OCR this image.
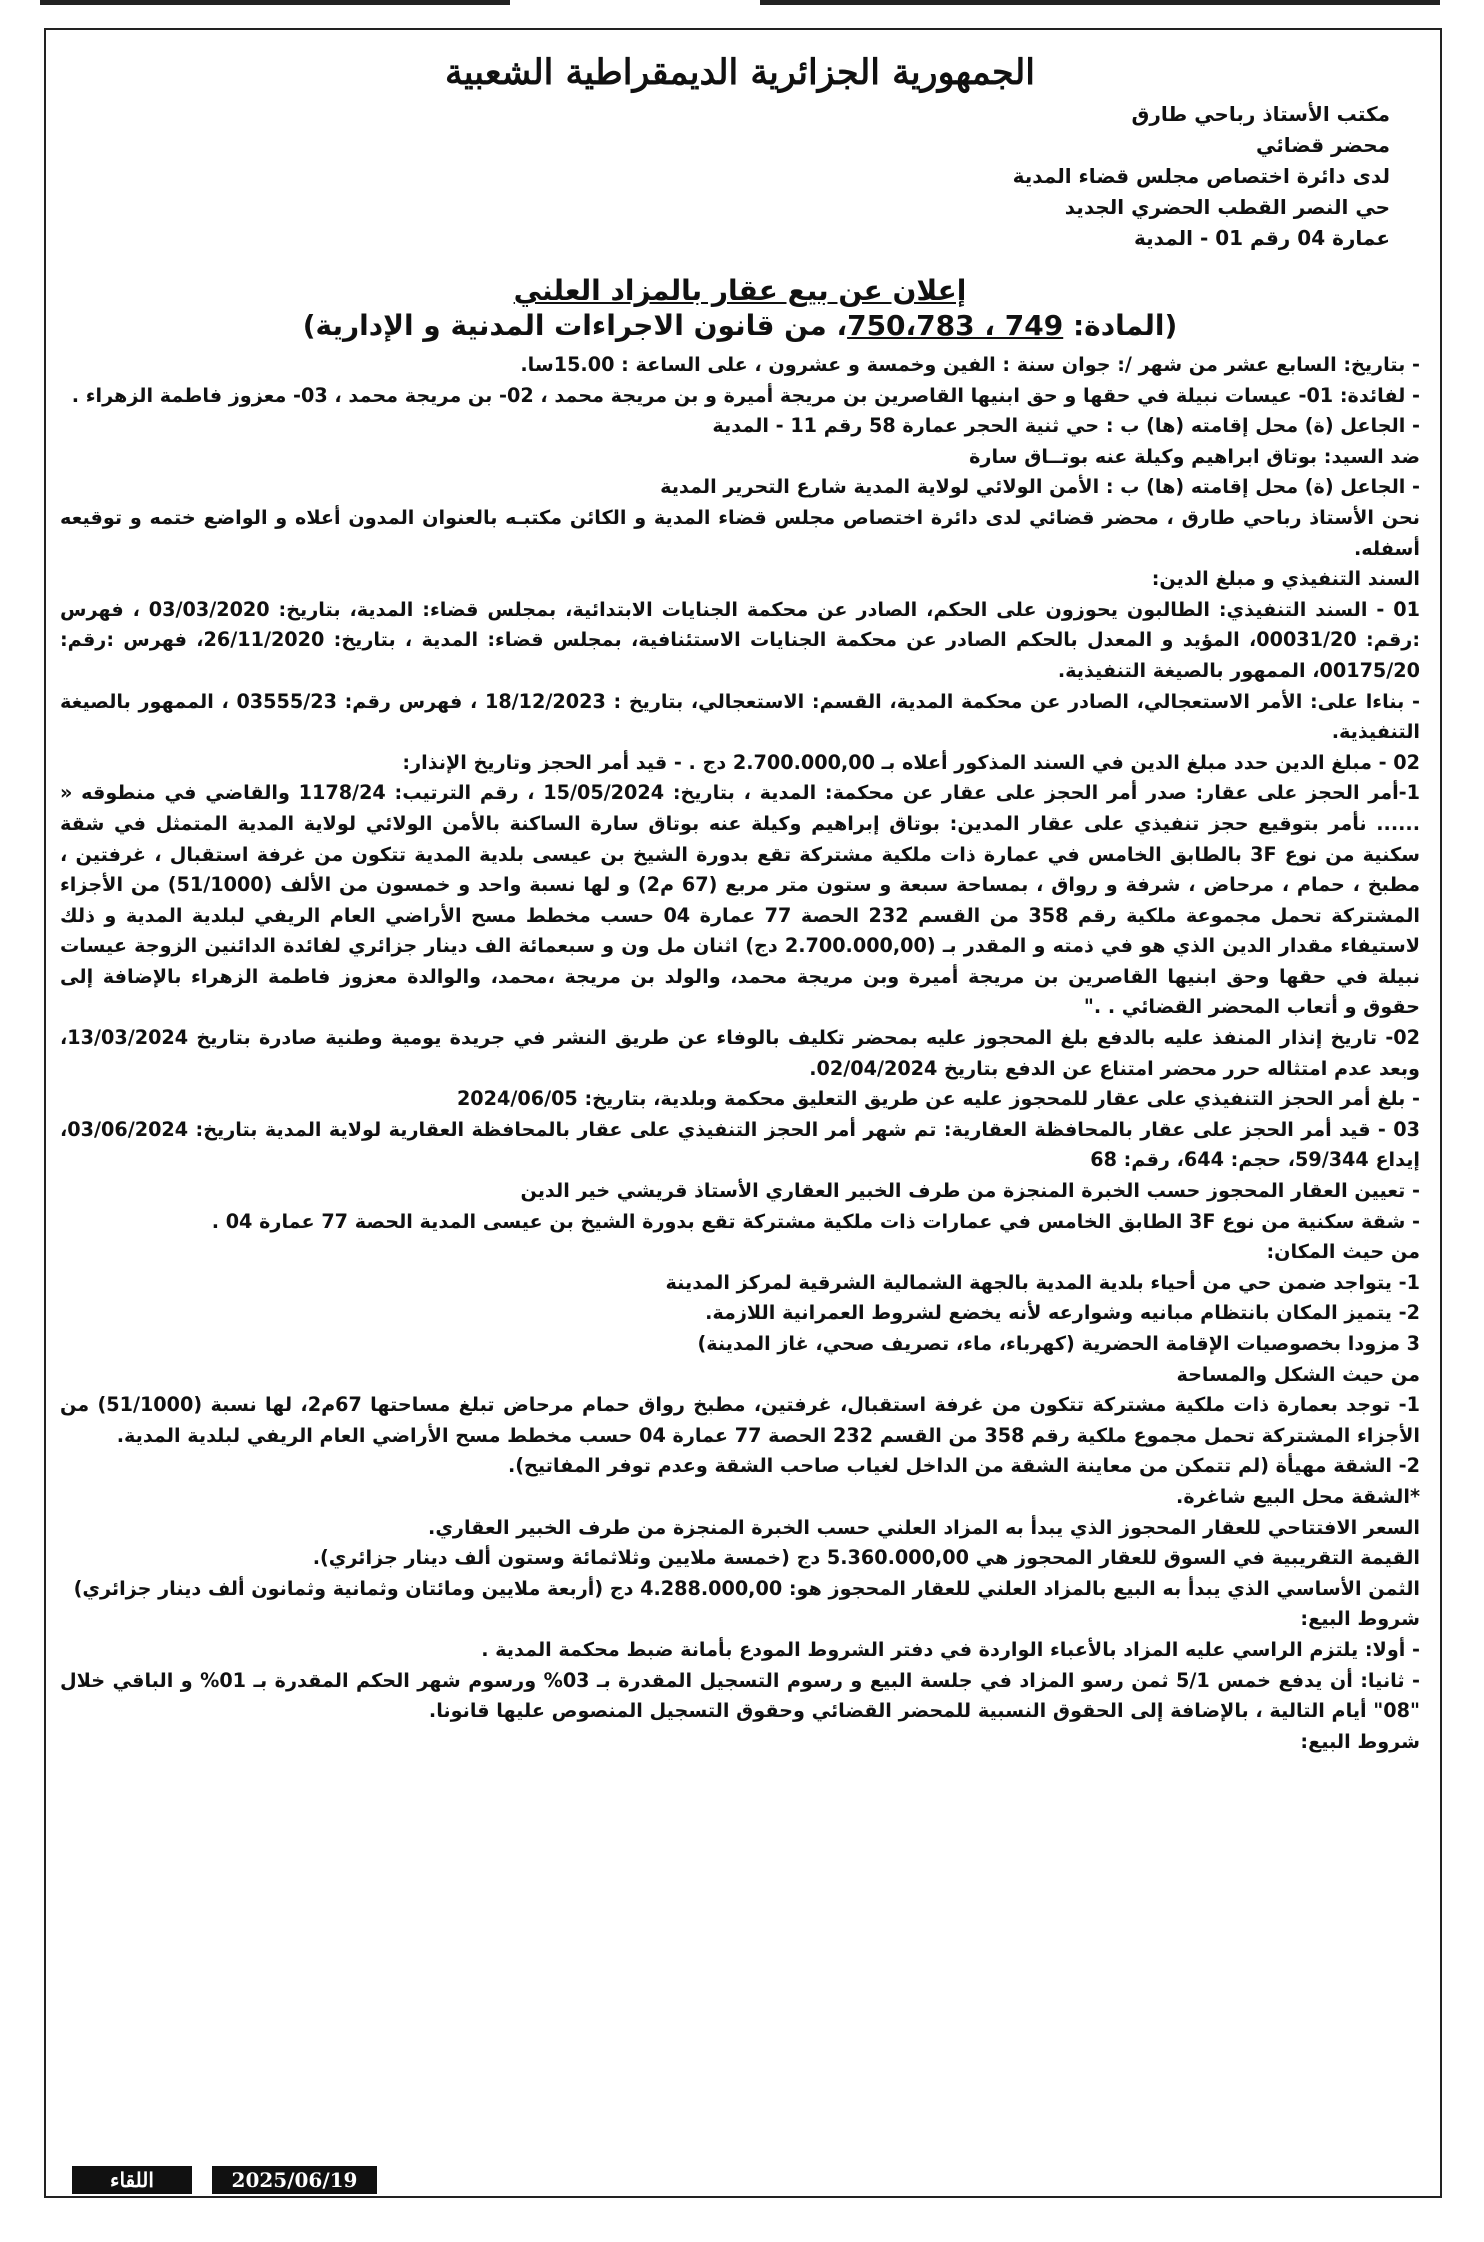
الجمهورية الجزائرية الديمقراطية الشعبية
مكتب الأستاذ رباحي طارق
محضر قضائي
لدى دائرة اختصاص مجلس قضاء المدية
حي النصر القطب الحضري الجديد
عمارة 04 رقم 01 - المدية
إعلان عن بيع عقار بالمزاد العلني
(المادة: 750،783 ، 749، من قانون الاجراءات المدنية و الإدارية)

- بتاريخ: السابع عشر من شهر /: جوان سنة : الفين وخمسة و عشرون ، على الساعة : 15.00سا.

- لفائدة: 01- عيسات نبيلة في حقها و حق ابنيها القاصرين بن مريجة أميرة و بن مريجة محمد ، 02- بن مريجة محمد ، 03- معزوز فاطمة الزهراء .

- الجاعل (ة) محل إقامته (ها) ب : حي ثنية الحجر عمارة 58 رقم 11 - المدية

ضد السيد: بوتاق ابراهيم وكيلة عنه بوتــاق سارة

- الجاعل (ة) محل إقامته (ها) ب : الأمن الولائي لولاية المدية شارع التحرير المدية

نحن الأستاذ رباحي طارق ، محضر قضائي لدى دائرة اختصاص مجلس قضاء المدية و الكائن مكتبـه بالعنوان المدون أعلاه و الواضع ختمه و توقيعه أسفله.

السند التنفيذي و مبلغ الدين:

01 - السند التنفيذي: الطالبون يحوزون على الحكم، الصادر عن محكمة الجنايات الابتدائية، بمجلس قضاء: المدية، بتاريخ: 03/03/2020 ، فهرس :رقم: 00031/20، المؤيد و المعدل بالحكم الصادر عن محكمة الجنايات الاستئنافية، بمجلس قضاء: المدية ، بتاريخ: 26/11/2020، فهرس :رقم: 00175/20، الممهور بالصيغة التنفيذية.

- بناءا على: الأمر الاستعجالي، الصادر عن محكمة المدية، القسم: الاستعجالي، بتاريخ : 18/12/2023 ، فهرس رقم: 03555/23 ، الممهور بالصيغة التنفيذية.

02 - مبلغ الدين حدد مبلغ الدين في السند المذكور أعلاه بـ 2.700.000,00 دج . - قيد أمر الحجز وتاريخ الإنذار:

1-أمر الحجز على عقار: صدر أمر الحجز على عقار عن محكمة: المدية ، بتاريخ: 15/05/2024 ، رقم الترتيب: 1178/24 والقاضي في منطوقه « ...... نأمر بتوقيع حجز تنفيذي على عقار المدين: بوتاق إبراهيم وكيلة عنه بوتاق سارة الساكنة بالأمن الولائي لولاية المدية المتمثل في شقة سكنية من نوع 3F بالطابق الخامس في عمارة ذات ملكية مشتركة تقع بدورة الشيخ بن عيسى بلدية المدية تتكون من غرفة استقبال ، غرفتين ، مطبخ ، حمام ، مرحاض ، شرفة و رواق ، بمساحة سبعة و ستون متر مربع (67 م2) و لها نسبة واحد و خمسون من الألف (51/1000) من الأجزاء المشتركة تحمل مجموعة ملكية رقم 358 من القسم 232 الحصة 77 عمارة 04 حسب مخطط مسح الأراضي العام الريفي لبلدية المدية و ذلك لاستيفاء مقدار الدين الذي هو في ذمته و المقدر بـ (2.700.000,00 دج) اثنان مل ون و سبعمائة الف دينار جزائري لفائدة الدائنين الزوجة عيسات نبيلة في حقها وحق ابنيها القاصرين بن مريجة أميرة وبن مريجة محمد، والولد بن مريجة ،محمد، والوالدة معزوز فاطمة الزهراء بالإضافة إلى حقوق و أتعاب المحضر القضائي . ."

02- تاريخ إنذار المنفذ عليه بالدفع بلغ المحجوز عليه بمحضر تكليف بالوفاء عن طريق النشر في جريدة يومية وطنية صادرة بتاريخ 13/03/2024، وبعد عدم امتثاله حرر محضر امتناع عن الدفع بتاريخ 02/04/2024.

- بلغ أمر الحجز التنفيذي على عقار للمحجوز عليه عن طريق التعليق محكمة وبلدية، بتاريخ: 2024/06/05

03 - قيد أمر الحجز على عقار بالمحافظة العقارية: تم شهر أمر الحجز التنفيذي على عقار بالمحافظة العقارية لولاية المدية بتاريخ: 03/06/2024، إيداع 59/344، حجم: 644، رقم: 68

- تعيين العقار المحجوز حسب الخبرة المنجزة من طرف الخبير العقاري الأستاذ قريشي خير الدين

- شقة سكنية من نوع 3F الطابق الخامس في عمارات ذات ملكية مشتركة تقع بدورة الشيخ بن عيسى المدية الحصة 77 عمارة 04 .

من حيث المكان:

1- يتواجد ضمن حي من أحياء بلدية المدية بالجهة الشمالية الشرقية لمركز المدينة

2- يتميز المكان بانتظام مبانيه وشوارعه لأنه يخضع لشروط العمرانية اللازمة.

3 مزودا بخصوصيات الإقامة الحضرية (كهرباء، ماء، تصريف صحي، غاز المدينة)

من حيث الشكل والمساحة

1- توجد بعمارة ذات ملكية مشتركة تتكون من غرفة استقبال، غرفتين، مطبخ رواق حمام مرحاض تبلغ مساحتها 67م2، لها نسبة (51/1000) من الأجزاء المشتركة تحمل مجموع ملكية رقم 358 من القسم 232 الحصة 77 عمارة 04 حسب مخطط مسح الأراضي العام الريفي لبلدية المدية.

2- الشقة مهيأة (لم تتمكن من معاينة الشقة من الداخل لغياب صاحب الشقة وعدم توفر المفاتيح).

*الشقة محل البيع شاغرة.

السعر الافتتاحي للعقار المحجوز الذي يبدأ به المزاد العلني حسب الخبرة المنجزة من طرف الخبير العقاري.

القيمة التقريبية في السوق للعقار المحجوز هي 5.360.000,00 دج (خمسة ملايين وثلاثمائة وستون ألف دينار جزائري).

الثمن الأساسي الذي يبدأ به البيع بالمزاد العلني للعقار المحجوز هو: 4.288.000,00 دج (أربعة ملايين ومائتان وثمانية وثمانون ألف دينار جزائري)

شروط البيع:

- أولا: يلتزم الراسي عليه المزاد بالأعباء الواردة في دفتر الشروط المودع بأمانة ضبط محكمة المدية .

- ثانيا: أن يدفع خمس 5/1 ثمن رسو المزاد في جلسة البيع و رسوم التسجيل المقدرة بـ 03% ورسوم شهر الحكم المقدرة بـ 01% و الباقي خلال "08" أيام التالية ، بالإضافة إلى الحقوق النسبية للمحضر القضائي وحقوق التسجيل المنصوص عليها قانونا.

شروط البيع:

اللقاء	2025/06/19
